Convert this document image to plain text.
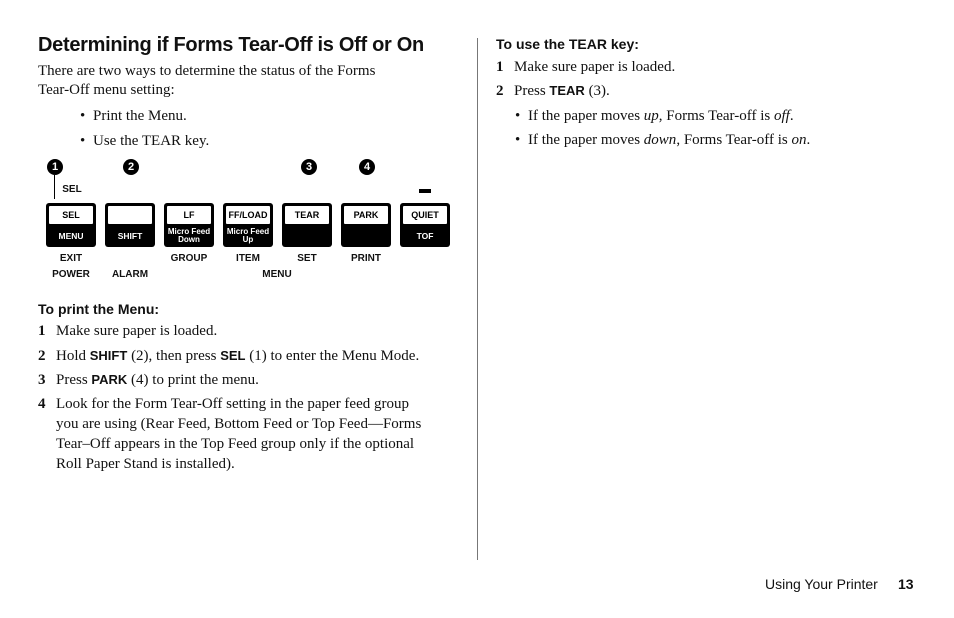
Determining if Forms Tear-Off is Off or On

There are two ways to determine the status of the Forms

Tear-Off menu setting:

• Print the Menu.
• Use the TEAR key.
1	2	3	4
SEL
SEL
MENU	SHIFT
LF
Micro Feed
Down
FF/LOAD
Micro Feed
Up
TEAR	PARK	QUIET
TOF
EXIT	GROUP	ITEM	SET	PRINT
POWER	ALARM	MENU
To print the Menu:
1 Make sure paper is loaded.
2 Hold SHIFT (2), then press SEL (1) to enter the Menu Mode.
3 Press PARK (4) to print the menu.
4 Look for the Form Tear-Off setting in the paper feed group
you are using (Rear Feed, Bottom Feed or Top Feed—Forms
Tear–Off appears in the Top Feed group only if the optional
Roll Paper Stand is installed).
To use the TEAR key:
1 Make sure paper is loaded.
2 Press TEAR (3).
• If the paper moves up, Forms Tear-off is off.
• If the paper moves down, Forms Tear-off is on.
Using Your Printer 13
